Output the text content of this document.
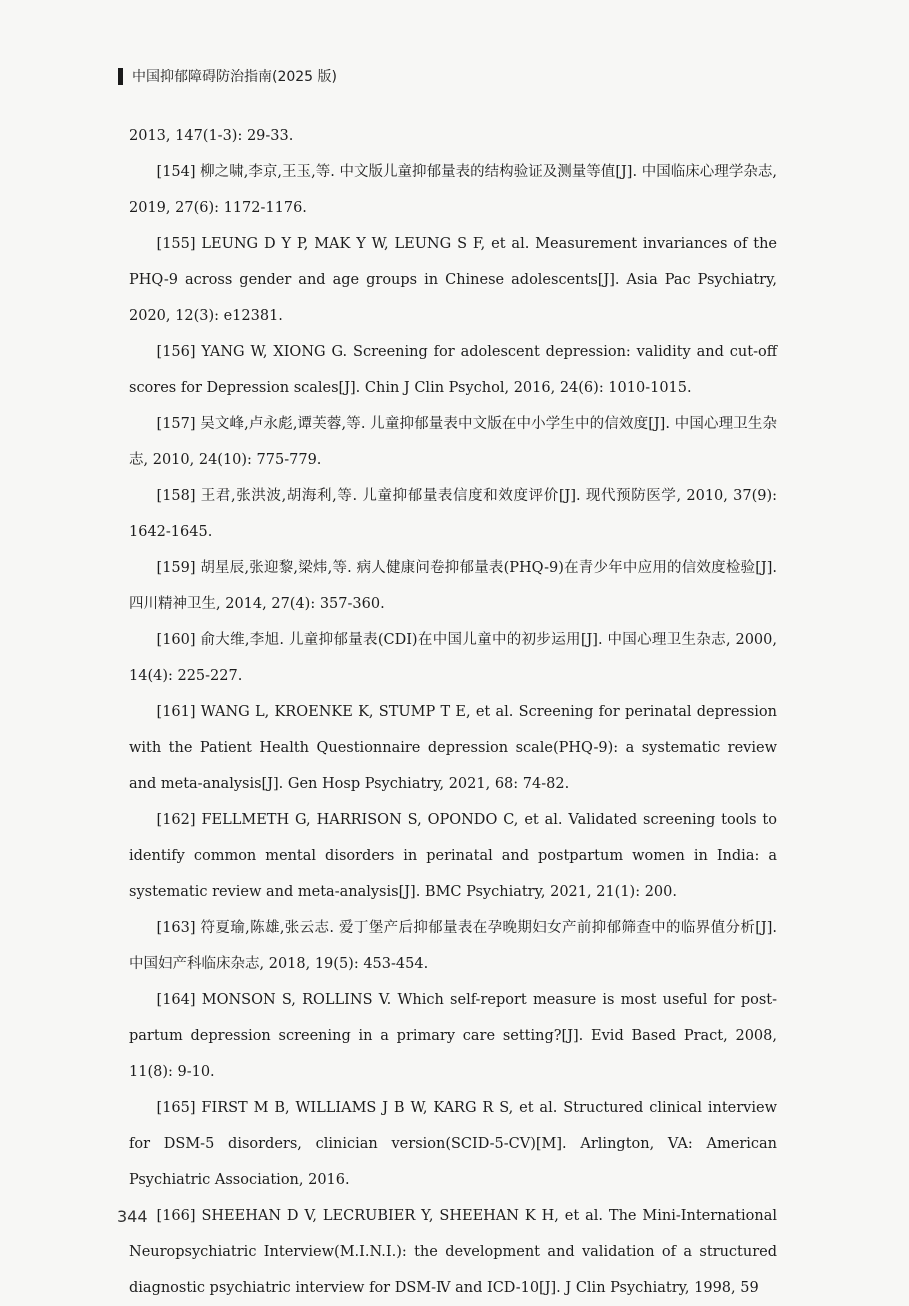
中国抑郁障碍防治指南(2025 版)

2013, 147(1-3): 29-33.

[154] 柳之啸,李京,王玉,等. 中文版儿童抑郁量表的结构验证及测量等值[J]. 中国临床心理学杂志, 2019, 27(6): 1172-1176.

[155] LEUNG D Y P, MAK Y W, LEUNG S F, et al. Measurement invariances of the PHQ-9 across gender and age groups in Chinese adolescents[J]. Asia Pac Psychiatry, 2020, 12(3): e12381.

[156] YANG W, XIONG G. Screening for adolescent depression: validity and cut-off scores for Depression scales[J]. Chin J Clin Psychol, 2016, 24(6): 1010-1015.

[157] 吴文峰,卢永彪,谭芙蓉,等. 儿童抑郁量表中文版在中小学生中的信效度[J]. 中国心理卫生杂志, 2010, 24(10): 775-779.

[158] 王君,张洪波,胡海利,等. 儿童抑郁量表信度和效度评价[J]. 现代预防医学, 2010, 37(9): 1642-1645.

[159] 胡星辰,张迎黎,梁炜,等. 病人健康问卷抑郁量表(PHQ-9)在青少年中应用的信效度检验[J]. 四川精神卫生, 2014, 27(4): 357-360.

[160] 俞大维,李旭. 儿童抑郁量表(CDI)在中国儿童中的初步运用[J]. 中国心理卫生杂志, 2000, 14(4): 225-227.

[161] WANG L, KROENKE K, STUMP T E, et al. Screening for perinatal depression with the Patient Health Questionnaire depression scale(PHQ-9): a systematic review and meta-analysis[J]. Gen Hosp Psychiatry, 2021, 68: 74-82.

[162] FELLMETH G, HARRISON S, OPONDO C, et al. Validated screening tools to identify common mental disorders in perinatal and postpartum women in India: a systematic review and meta-analysis[J]. BMC Psychiatry, 2021, 21(1): 200.

[163] 符夏瑜,陈雄,张云志. 爱丁堡产后抑郁量表在孕晚期妇女产前抑郁筛查中的临界值分析[J]. 中国妇产科临床杂志, 2018, 19(5): 453-454.

[164] MONSON S, ROLLINS V. Which self-report measure is most useful for post-partum depression screening in a primary care setting?[J]. Evid Based Pract, 2008, 11(8): 9-10.

[165] FIRST M B, WILLIAMS J B W, KARG R S, et al. Structured clinical interview for DSM-5 disorders, clinician version(SCID-5-CV)[M]. Arlington, VA: American Psychiatric Association, 2016.

[166] SHEEHAN D V, LECRUBIER Y, SHEEHAN K H, et al. The Mini-International Neuropsychiatric Interview(M.I.N.I.): the development and validation of a structured diagnostic psychiatric interview for DSM-Ⅳ and ICD-10[J]. J Clin Psychiatry, 1998, 59

344
